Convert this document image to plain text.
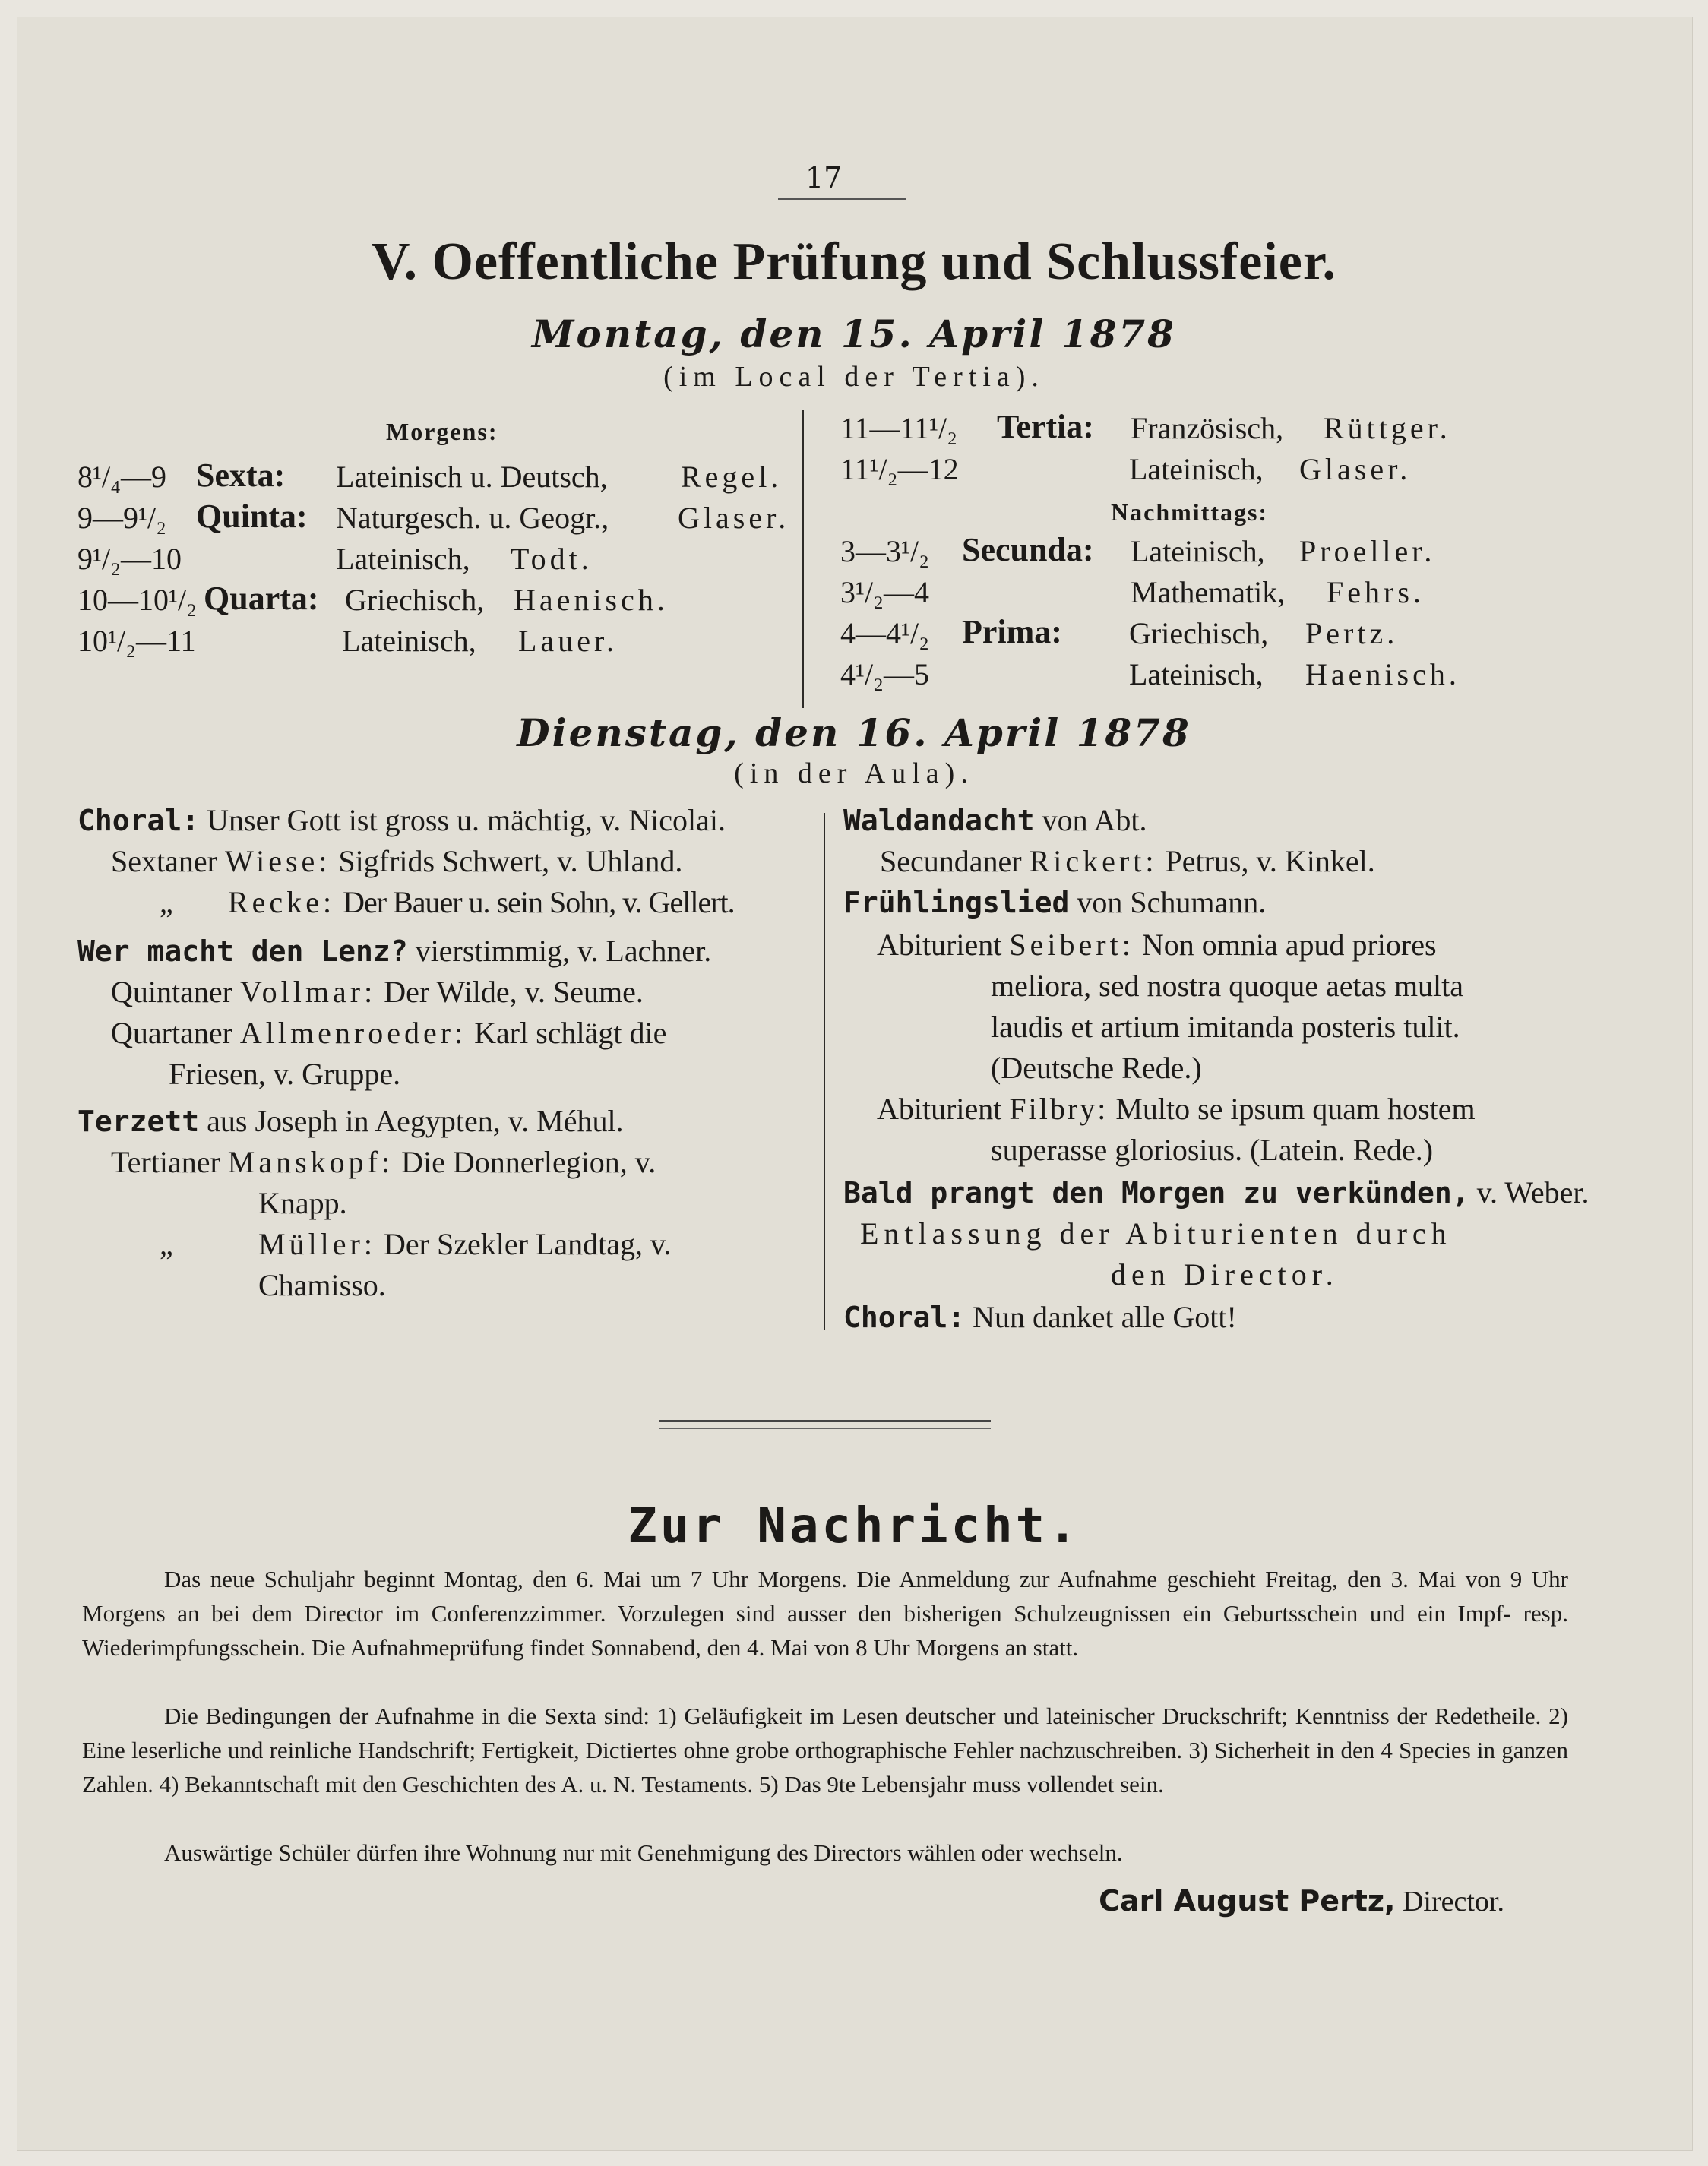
17
V. Oeffentliche Prüfung und Schlussfeier.
Montag, den 15. April 1878
(im Local der Tertia).
Morgens:
8¹/₄—9 Sexta: Lateinisch u. Deutsch, Regel.
9—9¹/₂ Quinta: Naturgesch. u. Geogr., Glaser.
9¹/₂—10	Lateinisch, Todt.
10—10¹/₂ Quarta: Griechisch, Haenisch.
10¹/₂—11	Lateinisch, Lauer.
11—11¹/₂ Tertia: Französisch, Rüttger.
11¹/₂—12	Lateinisch, Glaser.
Nachmittags:
3—3¹/₂ Secunda: Lateinisch, Proeller.
3¹/₂—4	Mathematik, Fehrs.
4—4¹/₂ Prima: Griechisch, Pertz.
4¹/₂—5	Lateinisch, Haenisch.
Dienstag, den 16. April 1878
(in der Aula).
Choral: Unser Gott ist gross u. mächtig, v. Nicolai.
Sextaner Wiese: Sigfrids Schwert, v. Uhland.
„ Recke: Der Bauer u. sein Sohn, v. Gellert.
Wer macht den Lenz? vierstimmig, v. Lachner.
Quintaner Vollmar: Der Wilde, v. Seume.
Quartaner Allmenroeder: Karl schlägt die
Friesen, v. Gruppe.
Terzett aus Joseph in Aegypten, v. Méhul.
Tertianer Manskopf: Die Donnerlegion, v.
Knapp.
„	Müller: Der Szekler Landtag, v.
Chamisso.
Waldandacht von Abt.
Secundaner Rickert: Petrus, v. Kinkel.
Frühlingslied von Schumann.
Abiturient Seibert: Non omnia apud priores
meliora, sed nostra quoque aetas multa
laudis et artium imitanda posteris tulit.
(Deutsche Rede.)
Abiturient Filbry: Multo se ipsum quam hostem
superasse gloriosius. (Latein. Rede.)
Bald prangt den Morgen zu verkünden, v. Weber.
Entlassung der Abiturienten durch
den Director.
Choral: Nun danket alle Gott!
Zur Nachricht.
Das neue Schuljahr beginnt Montag, den 6. Mai um 7 Uhr Morgens. Die Anmeldung zur Aufnahme geschieht Freitag, den 3. Mai von 9 Uhr Morgens an bei dem Director im Conferenzzimmer. Vorzulegen sind ausser den bisherigen Schulzeugnissen ein Geburtsschein und ein Impf- resp. Wiederimpfungsschein. Die Aufnahmeprüfung findet Sonnabend, den 4. Mai von 8 Uhr Morgens an statt.
Die Bedingungen der Aufnahme in die Sexta sind: 1) Geläufigkeit im Lesen deutscher und lateinischer Druckschrift; Kenntniss der Redetheile. 2) Eine leserliche und reinliche Handschrift; Fertigkeit, Dictiertes ohne grobe orthographische Fehler nachzuschreiben. 3) Sicherheit in den 4 Species in ganzen Zahlen. 4) Bekanntschaft mit den Geschichten des A. u. N. Testaments. 5) Das 9te Lebensjahr muss vollendet sein.
Auswärtige Schüler dürfen ihre Wohnung nur mit Genehmigung des Directors wählen oder wechseln.
Carl August Pertz, Director.
